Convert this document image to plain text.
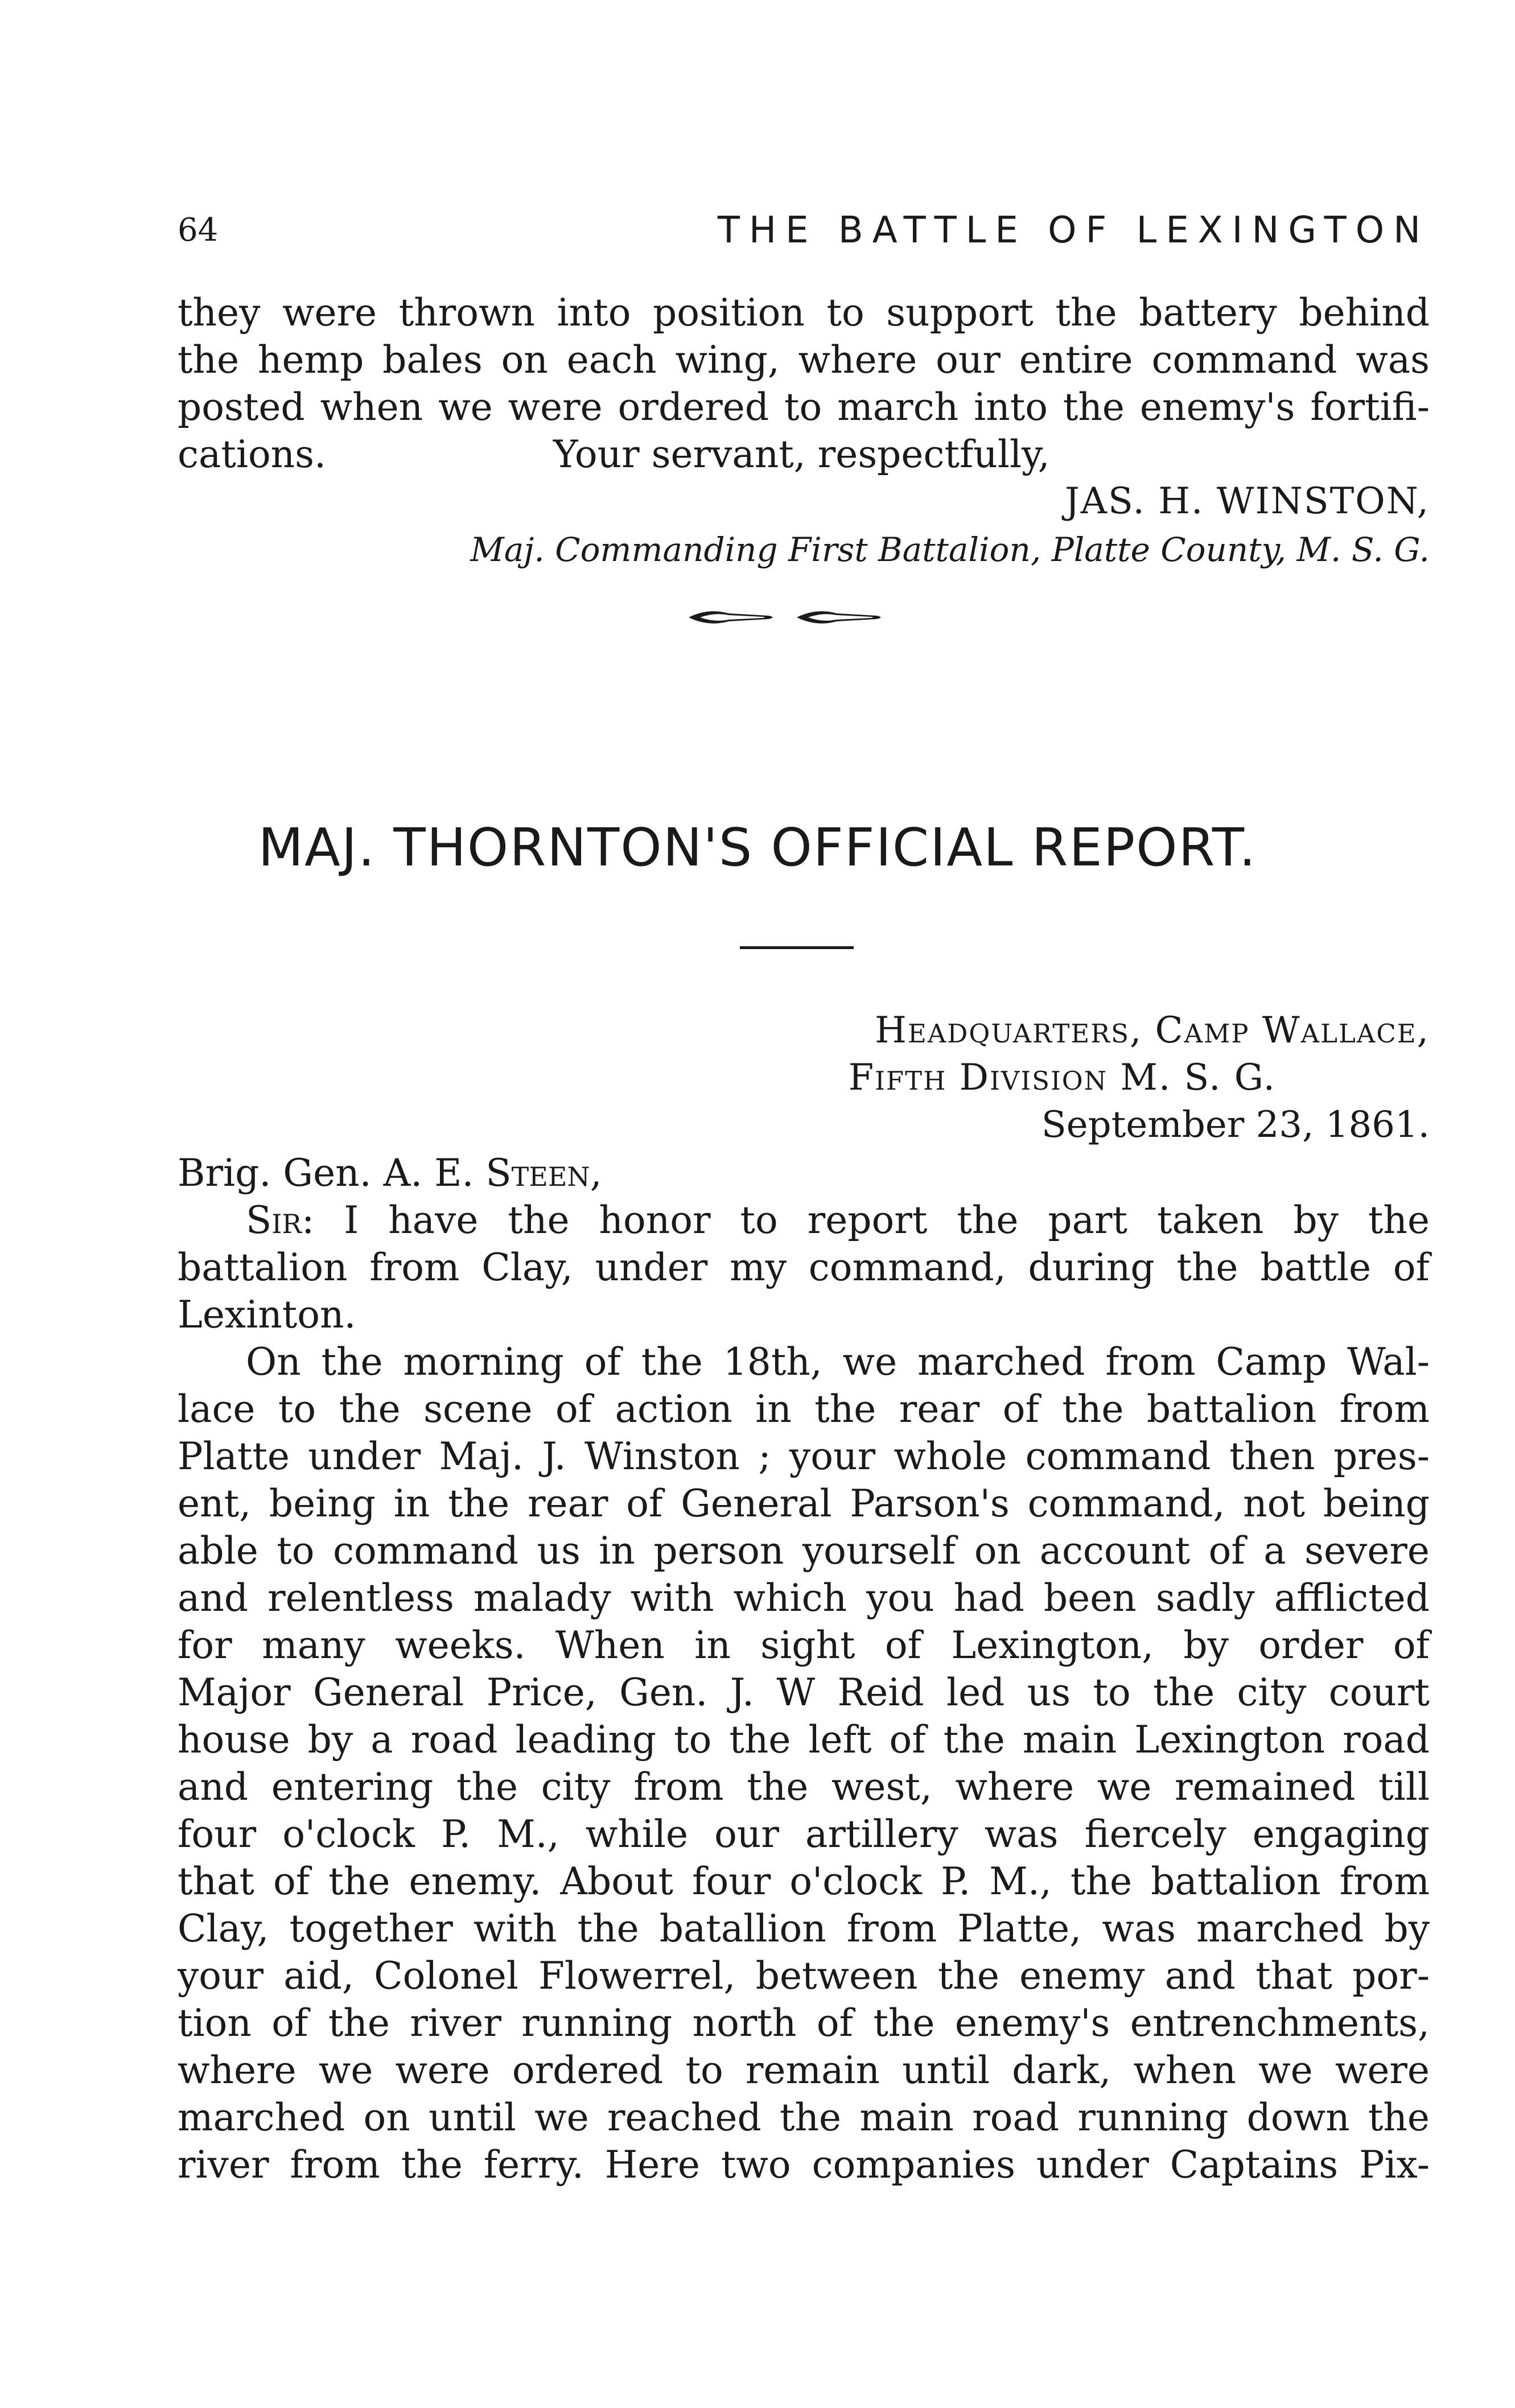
64	THE BATTLE OF LEXINGTON
they were thrown into position to support the battery behind
the hemp bales on each wing, where our entire command was
posted when we were ordered to march into the enemy's fortifi-
cations.	Your servant, respectfully,
JAS. H. WINSTON,
Maj. Commanding First Battalion, Platte County, M. S. G.
MAJ. THORNTON'S OFFICIAL REPORT.
Headquarters, Camp Wallace,
Fifth Division M. S. G.
September 23, 1861.
Brig. Gen. A. E. Steen,
Sir: I have the honor to report the part taken by the
battalion from Clay, under my command, during the battle of
Lexinton.
On the morning of the 18th, we marched from Camp Wal-
lace to the scene of action in the rear of the battalion from
Platte under Maj. J. Winston ; your whole command then pres-
ent, being in the rear of General Parson's command, not being
able to command us in person yourself on account of a severe
and relentless malady with which you had been sadly afflicted
for many weeks. When in sight of Lexington, by order of
Major General Price, Gen. J. W Reid led us to the city court
house by a road leading to the left of the main Lexington road
and entering the city from the west, where we remained till
four o'clock P. M., while our artillery was fiercely engaging
that of the enemy. About four o'clock P. M., the battalion from
Clay, together with the batallion from Platte, was marched by
your aid, Colonel Flowerrel, between the enemy and that por-
tion of the river running north of the enemy's entrenchments,
where we were ordered to remain until dark, when we were
marched on until we reached the main road running down the
river from the ferry. Here two companies under Captains Pix-
